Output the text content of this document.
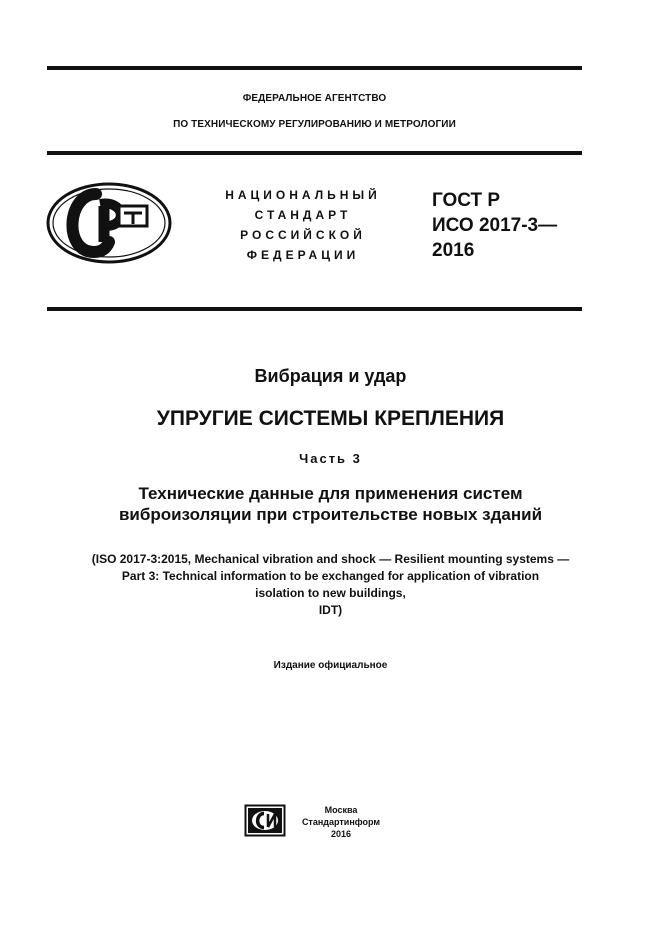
ФЕДЕРАЛЬНОЕ АГЕНТСТВО
ПО ТЕХНИЧЕСКОМУ РЕГУЛИРОВАНИЮ И МЕТРОЛОГИИ
НАЦИОНАЛЬНЫЙ
СТАНДАРТ
РОССИЙСКОЙ
ФЕДЕРАЦИИ
ГОСТ Р
ИСО 2017-3—
2016
Вибрация и удар
УПРУГИЕ СИСТЕМЫ КРЕПЛЕНИЯ
Часть 3
Технические данные для применения систем
виброизоляции при строительстве новых зданий
(ISO 2017-3:2015, Mechanical vibration and shock — Resilient mounting systems —
Part 3: Technical information to be exchanged for application of vibration
isolation to new buildings,
IDT)
Издание официальное
Москва
Стандартинформ
2016
